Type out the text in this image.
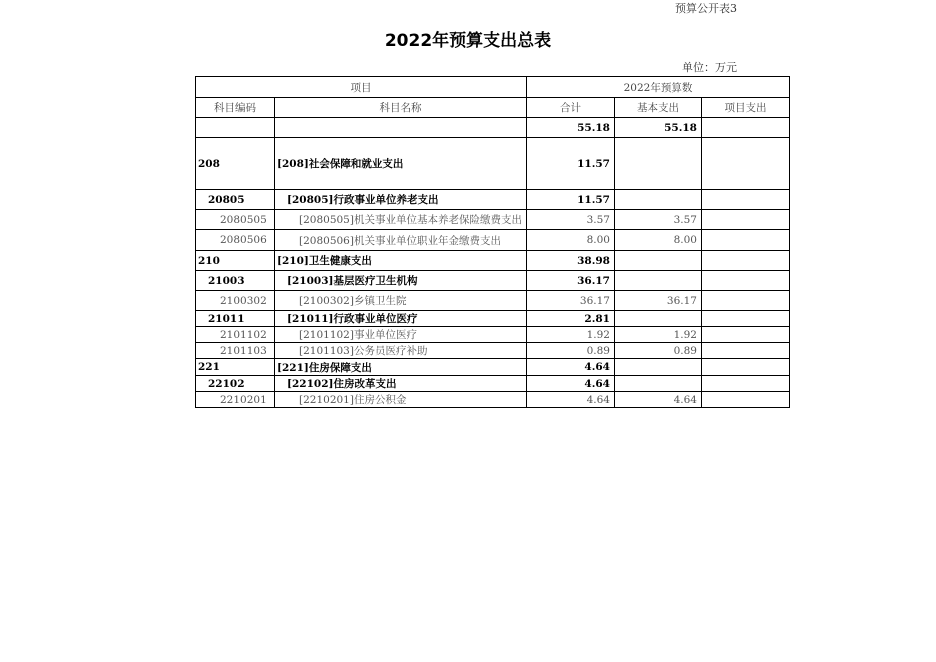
预算公开表3
2022年预算支出总表
单位：万元
项目		2022年预算数		
科目编码	科目名称	合计	基本支出	项目支出
		55.18	55.18	
208	[208]社会保障和就业支出	11.57		
20805	[20805]行政事业单位养老支出	11.57		
2080505	[2080505]机关事业单位基本养老保险缴费支出	3.57	3.57	
2080506	[2080506]机关事业单位职业年金缴费支出	8.00	8.00	
210	[210]卫生健康支出	38.98		
21003	[21003]基层医疗卫生机构	36.17		
2100302	[2100302]乡镇卫生院	36.17	36.17	
21011	[21011]行政事业单位医疗	2.81		
2101102	[2101102]事业单位医疗	1.92	1.92	
2101103	[2101103]公务员医疗补助	0.89	0.89	
221	[221]住房保障支出	4.64		
22102	[22102]住房改革支出	4.64		
2210201	[2210201]住房公积金	4.64	4.64	
